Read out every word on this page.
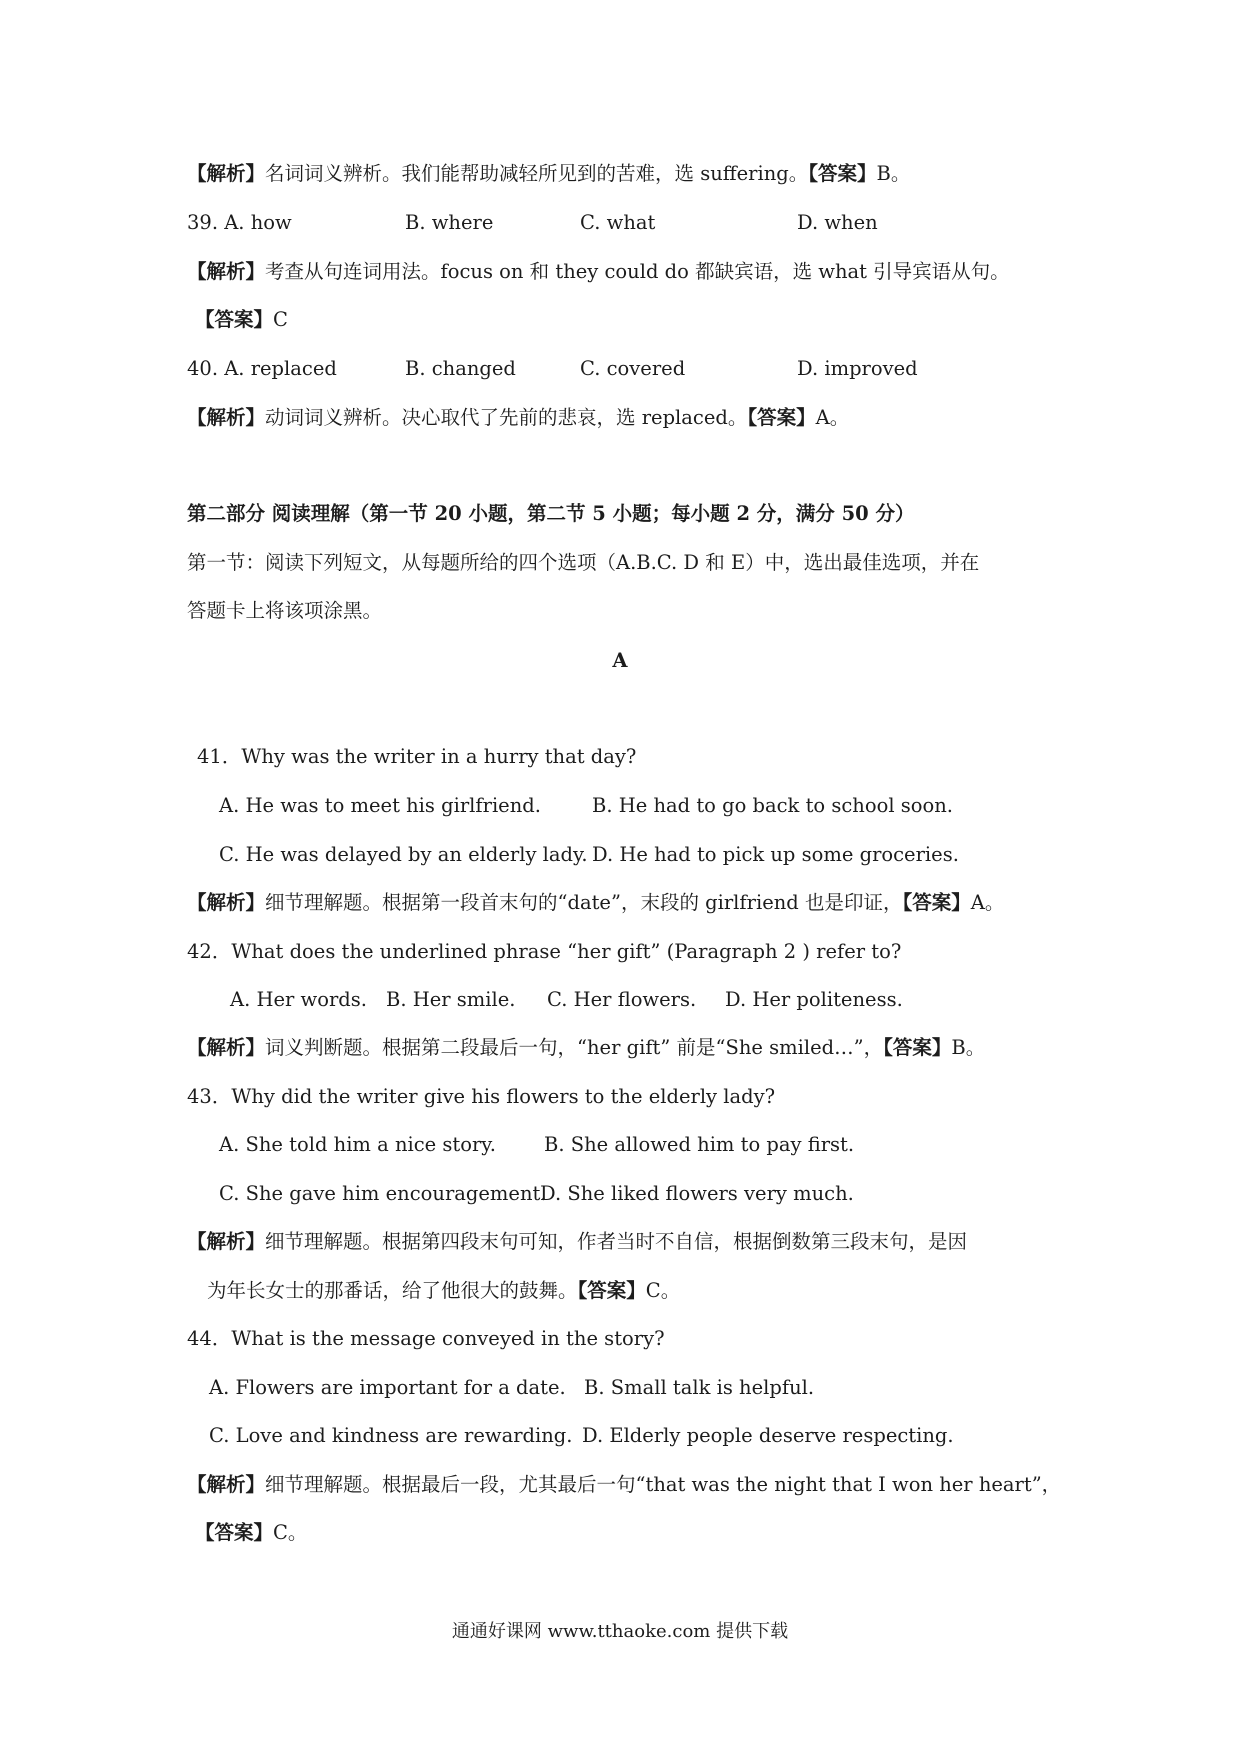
【解析】名词词义辨析。我们能帮助减轻所见到的苦难，选 suffering。【答案】B。
39. A. how	B. where	C. what	D. when
【解析】考查从句连词用法。focus on 和 they could do 都缺宾语，选 what 引导宾语从句。
【答案】C
40. A. replaced	B. changed	C. covered	D. improved
【解析】动词词义辨析。决心取代了先前的悲哀，选 replaced。【答案】A。
第二部分 阅读理解（第一节 20 小题，第二节 5 小题；每小题 2 分，满分 50 分）
第一节：阅读下列短文，从每题所给的四个选项（A.B.C. D 和 E）中，选出最佳选项，并在
答题卡上将该项涂黑。
A
41．Why was the writer in a hurry that day?
A. He was to meet his girlfriend.	B. He had to go back to school soon.
C. He was delayed by an elderly lady. D. He had to pick up some groceries.
【解析】细节理解题。根据第一段首末句的“date”，末段的 girlfriend 也是印证，【答案】A。
42．What does the underlined phrase “her gift” (Paragraph 2 ) refer to?
A. Her words. B. Her smile. C. Her flowers. D. Her politeness.
【解析】词义判断题。根据第二段最后一句，“her gift” 前是“She smiled…”，【答案】B。
43．Why did the writer give his flowers to the elderly lady?
A. She told him a nice story. B. She allowed him to pay first.
C. She gave him encouragement.
D. She liked flowers very much.
【解析】细节理解题。根据第四段末句可知，作者当时不自信，根据倒数第三段末句，是因
为年长女士的那番话，给了他很大的鼓舞。【答案】C。
44．What is the message conveyed in the story?
A. Flowers are important for a date. B. Small talk is helpful.
C. Love and kindness are rewarding. D. Elderly people deserve respecting.
【解析】细节理解题。根据最后一段，尤其最后一句“that was the night that I won her heart”，
【答案】C。
通通好课网 www.tthaoke.com 提供下载
